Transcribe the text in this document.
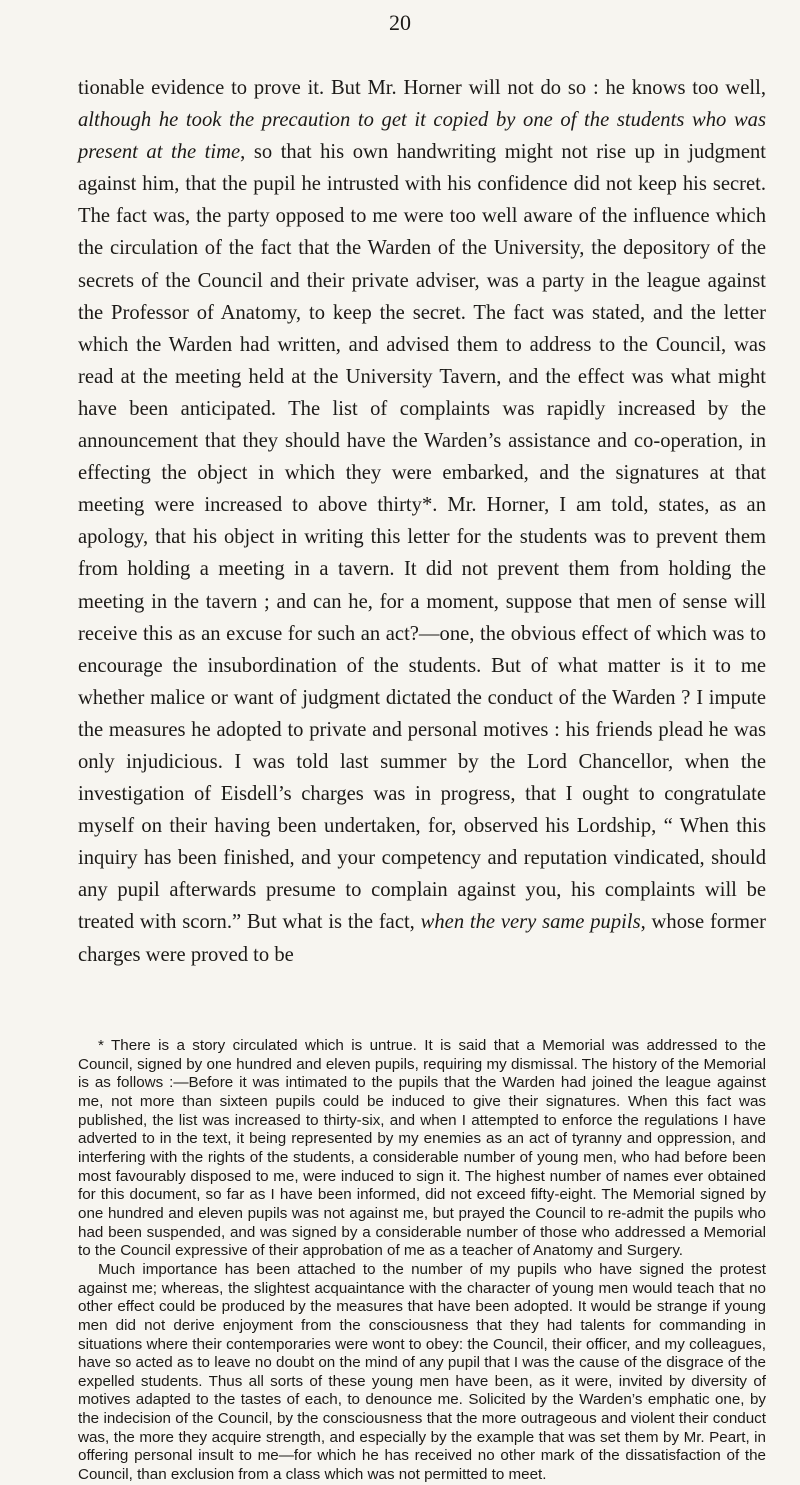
20

tionable evidence to prove it. But Mr. Horner will not do so : he knows too well, although he took the precaution to get it copied by one of the students who was present at the time, so that his own handwriting might not rise up in judgment against him, that the pupil he intrusted with his confidence did not keep his secret. The fact was, the party opposed to me were too well aware of the influence which the circulation of the fact that the Warden of the University, the depository of the secrets of the Council and their private adviser, was a party in the league against the Professor of Anatomy, to keep the secret. The fact was stated, and the letter which the Warden had written, and advised them to address to the Council, was read at the meeting held at the University Tavern, and the effect was what might have been anticipated. The list of complaints was rapidly increased by the announcement that they should have the Warden’s assistance and co-operation, in effecting the object in which they were embarked, and the signatures at that meeting were increased to above thirty*. Mr. Horner, I am told, states, as an apology, that his object in writing this letter for the students was to prevent them from holding a meeting in a tavern. It did not prevent them from holding the meeting in the tavern ; and can he, for a moment, suppose that men of sense will receive this as an excuse for such an act?—one, the obvious effect of which was to encourage the insubordination of the students. But of what matter is it to me whether malice or want of judgment dictated the conduct of the Warden ? I impute the measures he adopted to private and personal motives : his friends plead he was only injudicious. I was told last summer by the Lord Chancellor, when the investigation of Eisdell’s charges was in progress, that I ought to congratulate myself on their having been undertaken, for, observed his Lordship, “ When this inquiry has been finished, and your competency and reputation vindicated, should any pupil afterwards presume to complain against you, his complaints will be treated with scorn.” But what is the fact, when the very same pupils, whose former charges were proved to be

* There is a story circulated which is untrue. It is said that a Memorial was addressed to the Council, signed by one hundred and eleven pupils, requiring my dismissal. The history of the Memorial is as follows :—Before it was intimated to the pupils that the Warden had joined the league against me, not more than sixteen pupils could be induced to give their signatures. When this fact was published, the list was increased to thirty-six, and when I attempted to enforce the regulations I have adverted to in the text, it being represented by my enemies as an act of tyranny and oppression, and interfering with the rights of the students, a considerable number of young men, who had before been most favourably disposed to me, were induced to sign it. The highest number of names ever obtained for this document, so far as I have been informed, did not exceed fifty-eight. The Memorial signed by one hundred and eleven pupils was not against me, but prayed the Council to re-admit the pupils who had been suspended, and was signed by a considerable number of those who addressed a Memorial to the Council expressive of their approbation of me as a teacher of Anatomy and Surgery.

Much importance has been attached to the number of my pupils who have signed the protest against me; whereas, the slightest acquaintance with the character of young men would teach that no other effect could be produced by the measures that have been adopted. It would be strange if young men did not derive enjoyment from the consciousness that they had talents for commanding in situations where their contemporaries were wont to obey: the Council, their officer, and my colleagues, have so acted as to leave no doubt on the mind of any pupil that I was the cause of the disgrace of the expelled students. Thus all sorts of these young men have been, as it were, invited by diversity of motives adapted to the tastes of each, to denounce me. Solicited by the Warden’s emphatic one, by the indecision of the Council, by the consciousness that the more outrageous and violent their conduct was, the more they acquire strength, and especially by the example that was set them by Mr. Peart, in offering personal insult to me—for which he has received no other mark of the dissatisfaction of the Council, than exclusion from a class which was not permitted to meet.
